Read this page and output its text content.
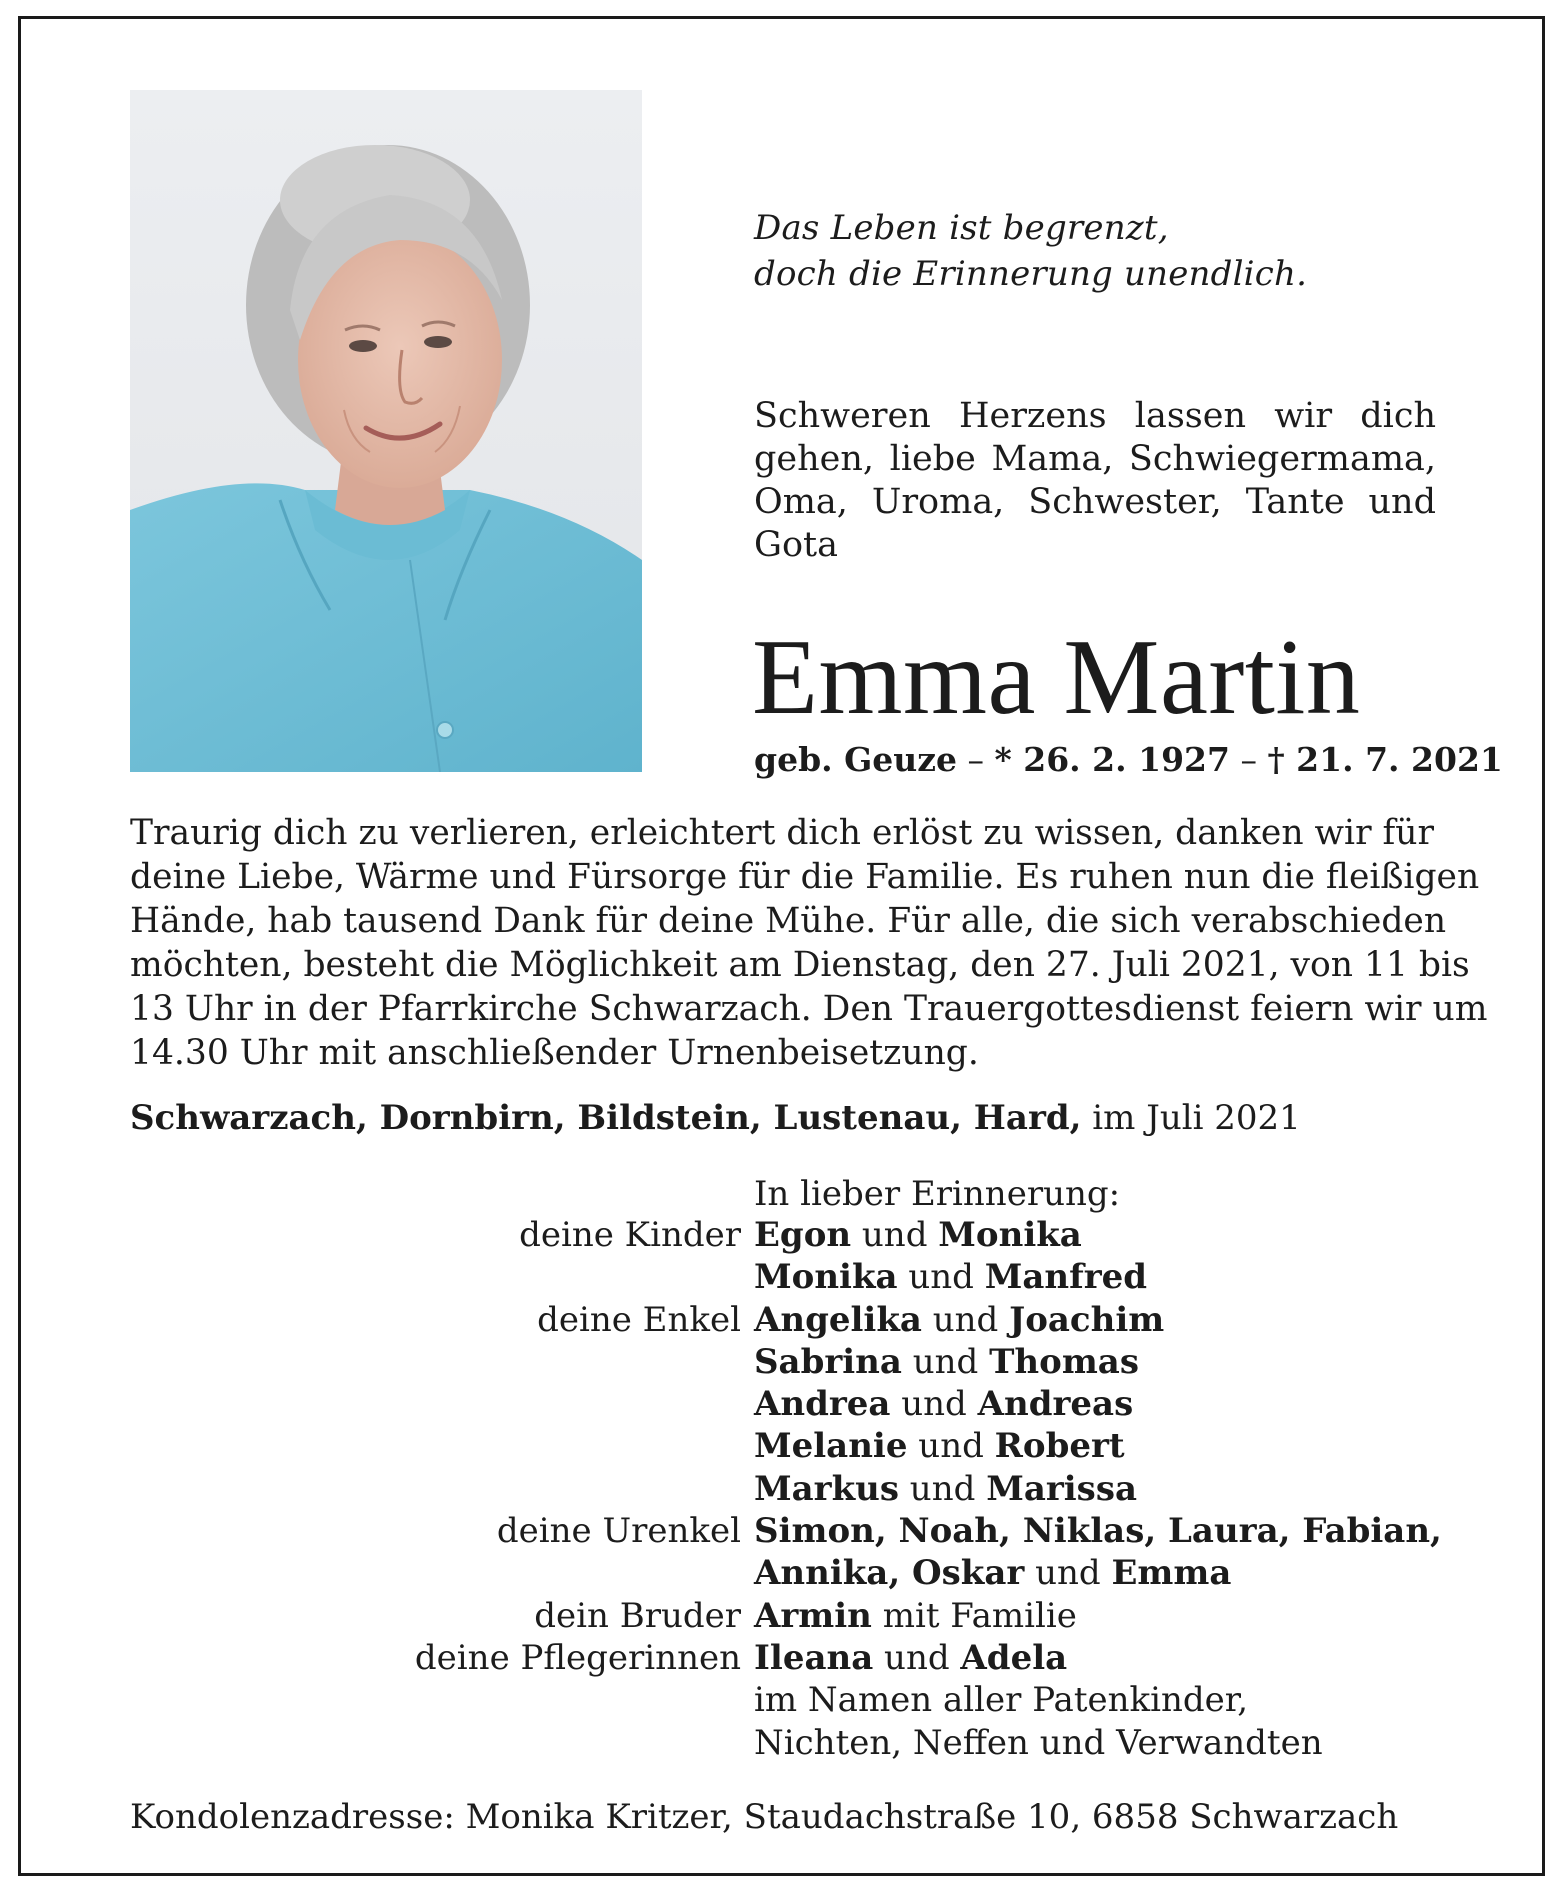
Das Leben ist begrenzt,
doch die Erinnerung unendlich.
Schweren Herzens lassen wir dich gehen, liebe Mama, Schwiegermama, Oma, Uroma, Schwester, Tante und Gota
Emma Martin
geb. Geuze – * 26. 2. 1927 – † 21. 7. 2021
Traurig dich zu verlieren, erleichtert dich erlöst zu wissen, danken wir für
deine Liebe, Wärme und Fürsorge für die Familie. Es ruhen nun die fleißigen
Hände, hab tausend Dank für deine Mühe. Für alle, die sich verabschieden
möchten, besteht die Möglichkeit am Dienstag, den 27. Juli 2021, von 11 bis
13 Uhr in der Pfarrkirche Schwarzach. Den Trauergottesdienst feiern wir um
14.30 Uhr mit anschließender Urnenbeisetzung.
Schwarzach, Dornbirn, Bildstein, Lustenau, Hard, im Juli 2021
In lieber Erinnerung:
deine Kinder Egon und Monika
Monika und Manfred
deine Enkel Angelika und Joachim
Sabrina und Thomas
Andrea und Andreas
Melanie und Robert
Markus und Marissa
deine Urenkel Simon, Noah, Niklas, Laura, Fabian,
Annika, Oskar und Emma
dein Bruder Armin mit Familie
deine Pflegerinnen Ileana und Adela
im Namen aller Patenkinder,
Nichten, Neffen und Verwandten
Kondolenzadresse: Monika Kritzer, Staudachstraße 10, 6858 Schwarzach
